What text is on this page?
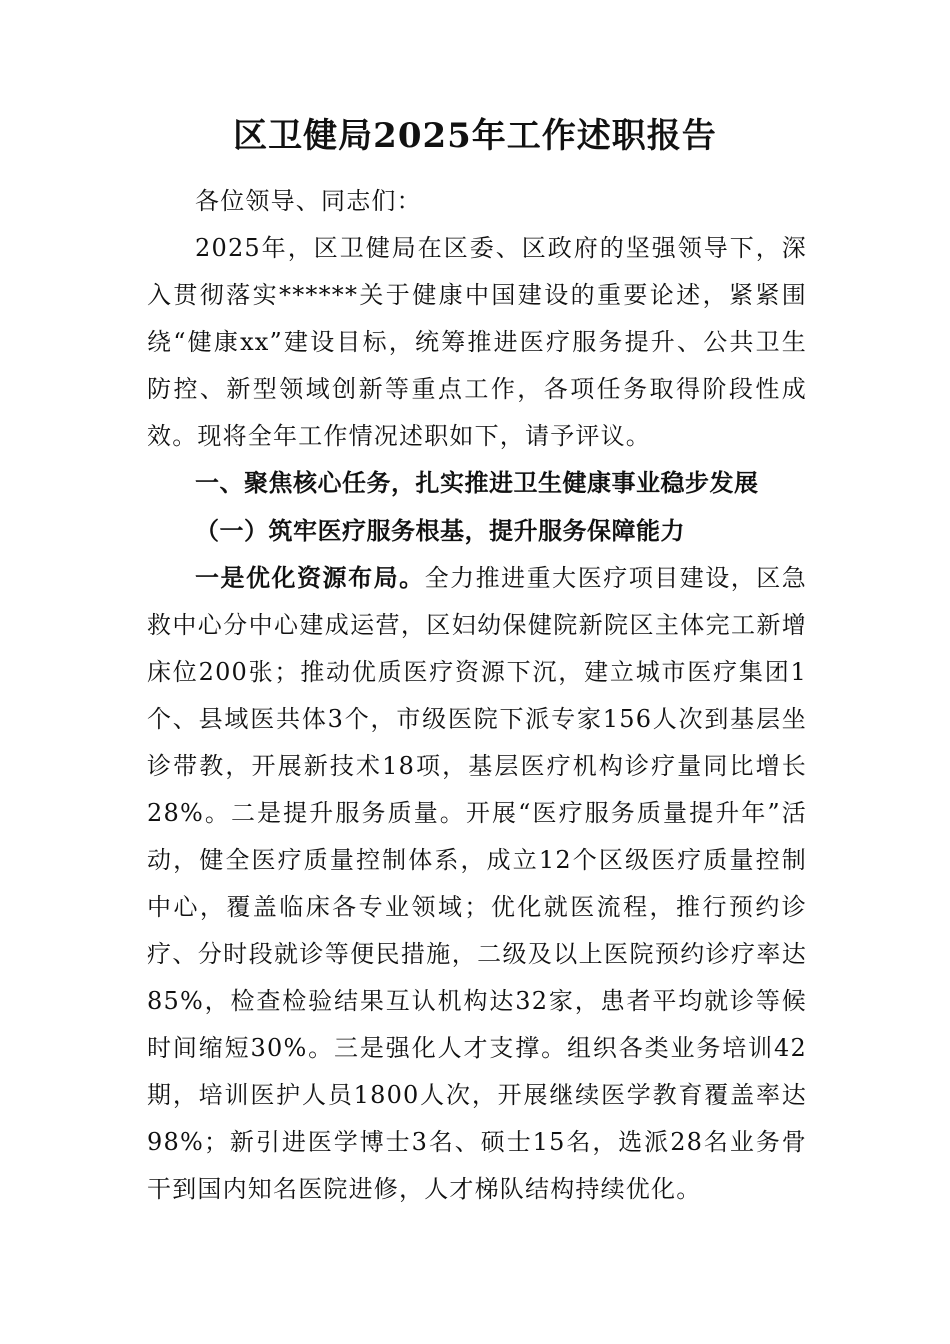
区卫健局2025年工作述职报告

各位领导、同志们：

2025年，区卫健局在区委、区政府的坚强领导下，深入贯彻落实******关于健康中国建设的重要论述，紧紧围绕“健康xx”建设目标，统筹推进医疗服务提升、公共卫生防控、新型领域创新等重点工作，各项任务取得阶段性成效。现将全年工作情况述职如下，请予评议。

一、聚焦核心任务，扎实推进卫生健康事业稳步发展

（一）筑牢医疗服务根基，提升服务保障能力

一是优化资源布局。全力推进重大医疗项目建设，区急救中心分中心建成运营，区妇幼保健院新院区主体完工新增床位200张；推动优质医疗资源下沉，建立城市医疗集团1个、县域医共体3个，市级医院下派专家156人次到基层坐诊带教，开展新技术18项，基层医疗机构诊疗量同比增长28%。二是提升服务质量。开展“医疗服务质量提升年”活动，健全医疗质量控制体系，成立12个区级医疗质量控制中心，覆盖临床各专业领域；优化就医流程，推行预约诊疗、分时段就诊等便民措施，二级及以上医院预约诊疗率达85%，检查检验结果互认机构达32家，患者平均就诊等候时间缩短30%。三是强化人才支撑。组织各类业务培训42期，培训医护人员1800人次，开展继续医学教育覆盖率达98%；新引进医学博士3名、硕士15名，选派28名业务骨干到国内知名医院进修，人才梯队结构持续优化。
